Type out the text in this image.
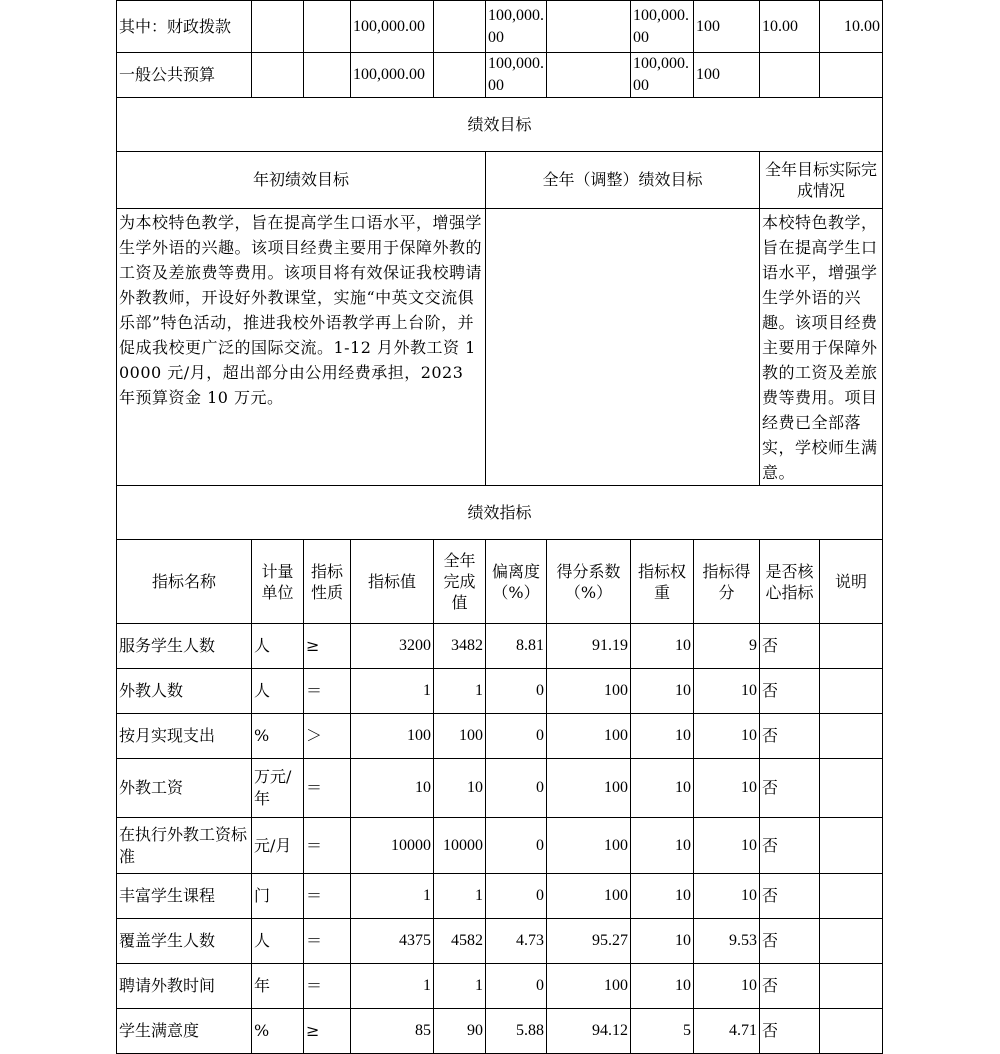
其中：财政拨款			100,000.00		100,000.00		100,000.00	100	10.00	10.00
一般公共预算			100,000.00		100,000.00		100,000.00	100		
绩效目标										
年初绩效目标					全年（调整）绩效目标				全年目标实际完成情况	
为本校特色教学，旨在提高学生口语水平，增强学生学外语的兴趣。该项目经费主要用于保障外教的工资及差旅费等费用。该项目将有效保证我校聘请外教教师，开设好外教课堂，实施“中英文交流俱乐部”特色活动，推进我校外语教学再上台阶，并促成我校更广泛的国际交流。1-12 月外教工资 10000 元/月，超出部分由公用经费承担，2023 年预算资金 10 万元。									本校特色教学，旨在提高学生口语水平，增强学生学外语的兴趣。该项目经费主要用于保障外教的工资及差旅费等费用。项目经费已全部落实，学校师生满意。	
绩效指标										
指标名称	计量单位	指标性质	指标值	全年完成值	偏离度（%）	得分系数（%）	指标权重	指标得分	是否核心指标	说明
服务学生人数	人	≥	3200	3482	8.81	91.19	10	9	否	
外教人数	人	＝	1	1	0	100	10	10	否	
按月实现支出	%	＞	100	100	0	100	10	10	否	
外教工资	万元/年	＝	10	10	0	100	10	10	否	
在执行外教工资标准	元/月	＝	10000	10000	0	100	10	10	否	
丰富学生课程	门	＝	1	1	0	100	10	10	否	
覆盖学生人数	人	＝	4375	4582	4.73	95.27	10	9.53	否	
聘请外教时间	年	＝	1	1	0	100	10	10	否	
学生满意度	%	≥	85	90	5.88	94.12	5	4.71	否	
